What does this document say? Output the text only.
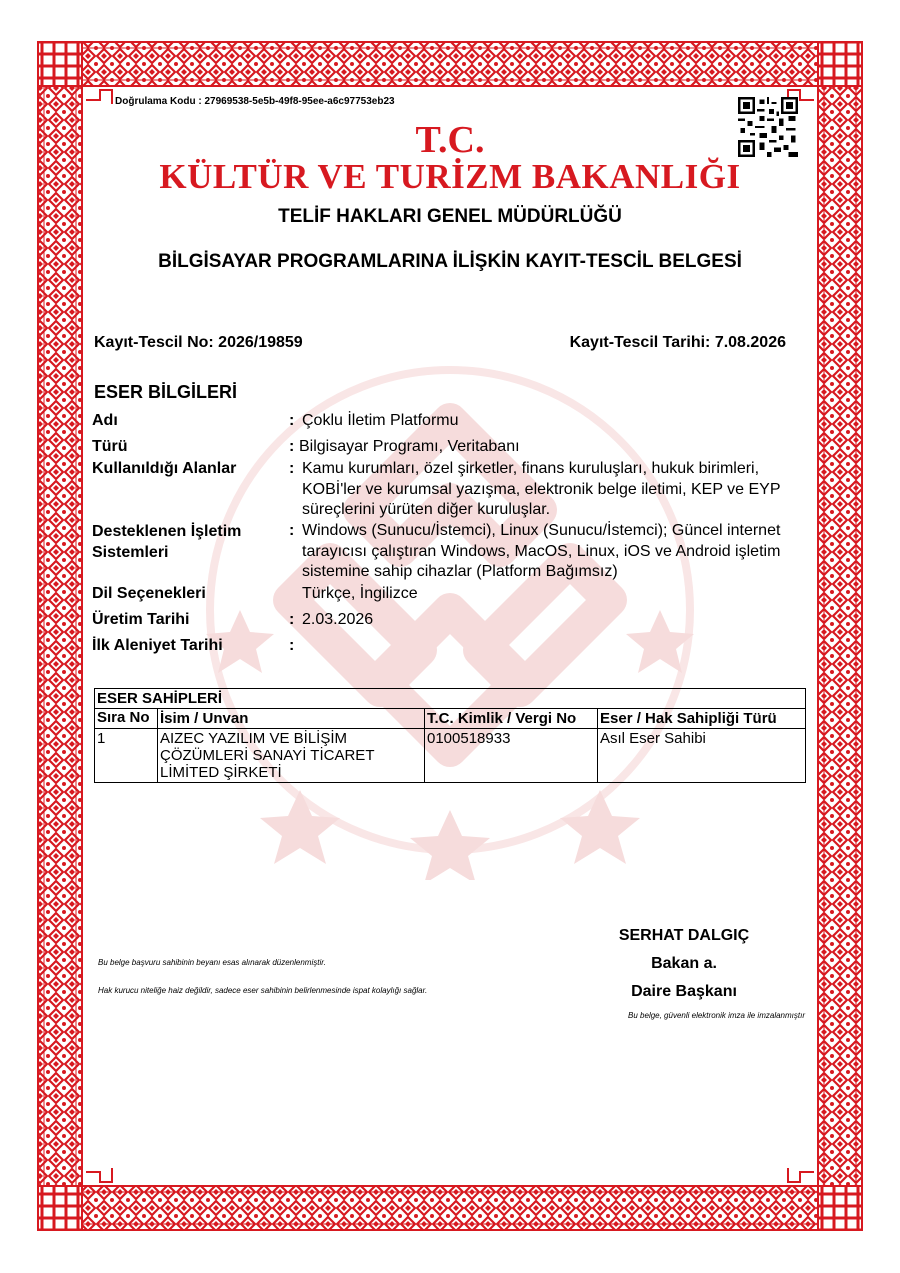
Doğrulama Kodu : 27969538-5e5b-49f8-95ee-a6c97753eb23
T.C.
KÜLTÜR VE TURİZM BAKANLIĞI
TELİF HAKLARI GENEL MÜDÜRLÜĞÜ
BİLGİSAYAR PROGRAMLARINA İLİŞKİN KAYIT-TESCİL BELGESİ
Kayıt-Tescil No: 2026/19859	Kayıt-Tescil Tarihi: 7.08.2026
ESER BİLGİLERİ
Adı	: Çoklu İletim Platformu
Türü	: Bilgisayar Programı, Veritabanı
Kullanıldığı Alanlar	: Kamu kurumları, özel şirketler, finans kuruluşları, hukuk birimleri, KOBİ'ler ve kurumsal yazışma, elektronik belge iletimi, KEP ve EYP süreçlerini yürüten diğer kuruluşlar.
Desteklenen İşletim Sistemleri
: Windows (Sunucu/İstemci), Linux (Sunucu/İstemci); Güncel internet tarayıcısı çalıştıran Windows, MacOS, Linux, iOS ve Android işletim sistemine sahip cihazlar (Platform Bağımsız)
Dil Seçenekleri	Türkçe, İngilizce
Üretim Tarihi	: 2.03.2026
İlk Aleniyet Tarihi	:
ESER SAHİPLERİ			
Sıra No	İsim / Unvan	T.C. Kimlik / Vergi No	Eser / Hak Sahipliği Türü
1	AIZEC YAZILIM VE BİLİŞİM ÇÖZÜMLERİ SANAYİ TİCARET LİMİTED ŞİRKETİ	0100518933	Asıl Eser Sahibi
Bu belge başvuru sahibinin beyanı esas alınarak düzenlenmiştir.
Hak kurucu niteliğe haiz değildir, sadece eser sahibinin belirlenmesinde ispat kolaylığı sağlar.
Bu belge, güvenli elektronik imza ile imzalanmıştır
SERHAT DALGIÇ
Bakan a.
Daire Başkanı
